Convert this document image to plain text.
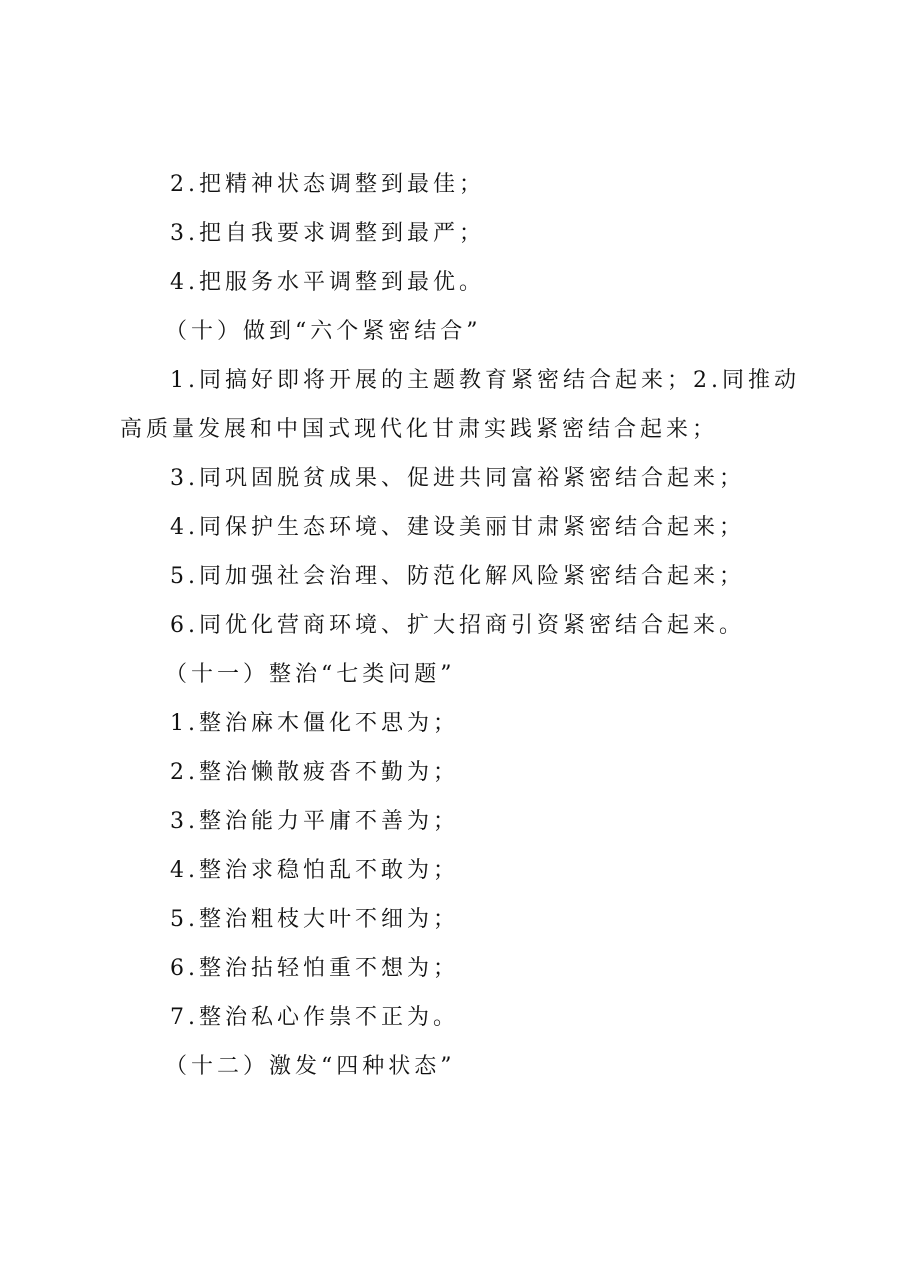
2.把精神状态调整到最佳；

3.把自我要求调整到最严；

4.把服务水平调整到最优。

（十）做到“六个紧密结合”

1.同搞好即将开展的主题教育紧密结合起来；2.同推动高质量发展和中国式现代化甘肃实践紧密结合起来；

3.同巩固脱贫成果、促进共同富裕紧密结合起来；

4.同保护生态环境、建设美丽甘肃紧密结合起来；

5.同加强社会治理、防范化解风险紧密结合起来；

6.同优化营商环境、扩大招商引资紧密结合起来。

（十一）整治“七类问题”

1.整治麻木僵化不思为；

2.整治懒散疲沓不勤为；

3.整治能力平庸不善为；

4.整治求稳怕乱不敢为；

5.整治粗枝大叶不细为；

6.整治拈轻怕重不想为；

7.整治私心作祟不正为。

（十二）激发“四种状态”
